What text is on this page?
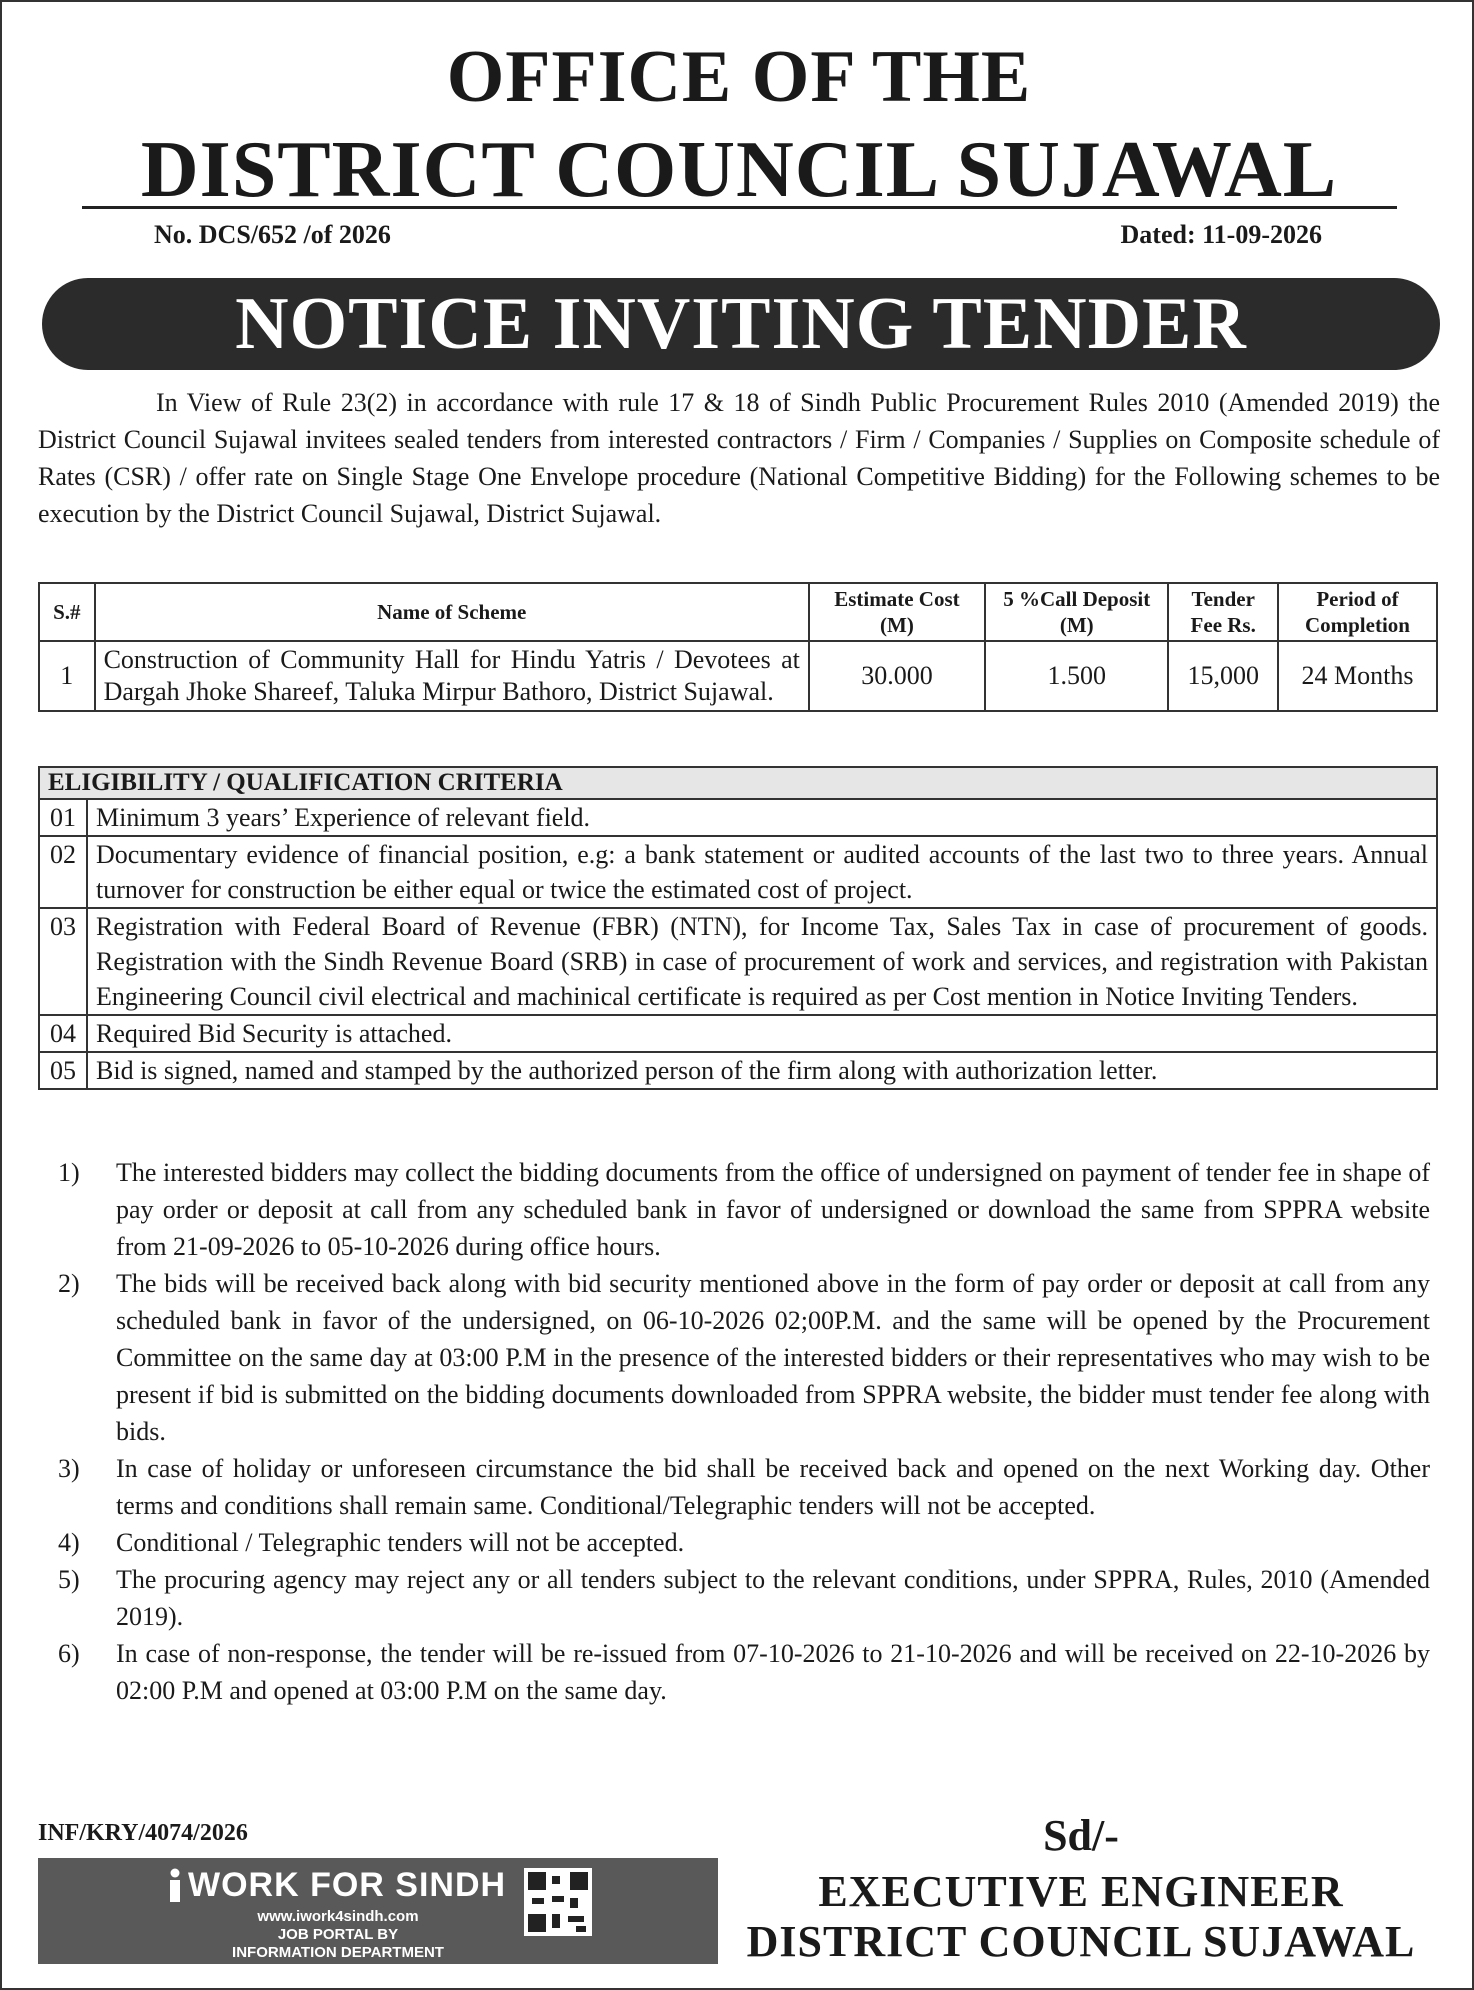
OFFICE OF THE
DISTRICT COUNCIL SUJAWAL
No. DCS/652 /of 2026	Dated: 11-09-2026
NOTICE INVITING TENDER
In View of Rule 23(2) in accordance with rule 17 & 18 of Sindh Public Procurement Rules 2010 (Amended 2019) the District Council Sujawal invitees sealed tenders from interested contractors / Firm / Companies / Supplies on Composite schedule of Rates (CSR) / offer rate on Single Stage One Envelope procedure (National Competitive Bidding) for the Following schemes to be execution by the District Council Sujawal, District Sujawal.
S.#	Name of Scheme	Estimate Cost (M)	5 %Call Deposit (M)	Tender Fee Rs.	Period of Completion
1	Construction of Community Hall for Hindu Yatris / Devotees at Dargah Jhoke Shareef, Taluka Mirpur Bathoro, District Sujawal.	30.000	1.500	15,000	24 Months
ELIGIBILITY / QUALIFICATION CRITERIA	
01	Minimum 3 years’ Experience of relevant field.
02	Documentary evidence of financial position, e.g: a bank statement or audited accounts of the last two to three years. Annual turnover for construction be either equal or twice the estimated cost of project.
03	Registration with Federal Board of Revenue (FBR) (NTN), for Income Tax, Sales Tax in case of procurement of goods. Registration with the Sindh Revenue Board (SRB) in case of procurement of work and services, and registration with Pakistan Engineering Council civil electrical and machinical certificate is required as per Cost mention in Notice Inviting Tenders.
04	Required Bid Security is attached.
05	Bid is signed, named and stamped by the authorized person of the firm along with authorization letter.
1)	The interested bidders may collect the bidding documents from the office of undersigned on payment of tender fee in shape of pay order or deposit at call from any scheduled bank in favor of undersigned or download the same from SPPRA website from 21-09-2026 to 05-10-2026 during office hours.
2)	The bids will be received back along with bid security mentioned above in the form of pay order or deposit at call from any scheduled bank in favor of the undersigned, on 06-10-2026 02;00P.M. and the same will be opened by the Procurement Committee on the same day at 03:00 P.M in the presence of the interested bidders or their representatives who may wish to be present if bid is submitted on the bidding documents downloaded from SPPRA website, the bidder must tender fee along with bids.
3)	In case of holiday or unforeseen circumstance the bid shall be received back and opened on the next Working day. Other terms and conditions shall remain same. Conditional/Telegraphic tenders will not be accepted.
4)	Conditional / Telegraphic tenders will not be accepted.
5)	The procuring agency may reject any or all tenders subject to the relevant conditions, under SPPRA, Rules, 2010 (Amended 2019).
6)	In case of non-response, the tender will be re-issued from 07-10-2026 to 21-10-2026 and will be received on 22-10-2026 by 02:00 P.M and opened at 03:00 P.M on the same day.
INF/KRY/4074/2026
WORK FOR SINDH
www.iwork4sindh.com
JOB PORTAL BY
INFORMATION DEPARTMENT
Sd/-
EXECUTIVE ENGINEER
DISTRICT COUNCIL SUJAWAL
